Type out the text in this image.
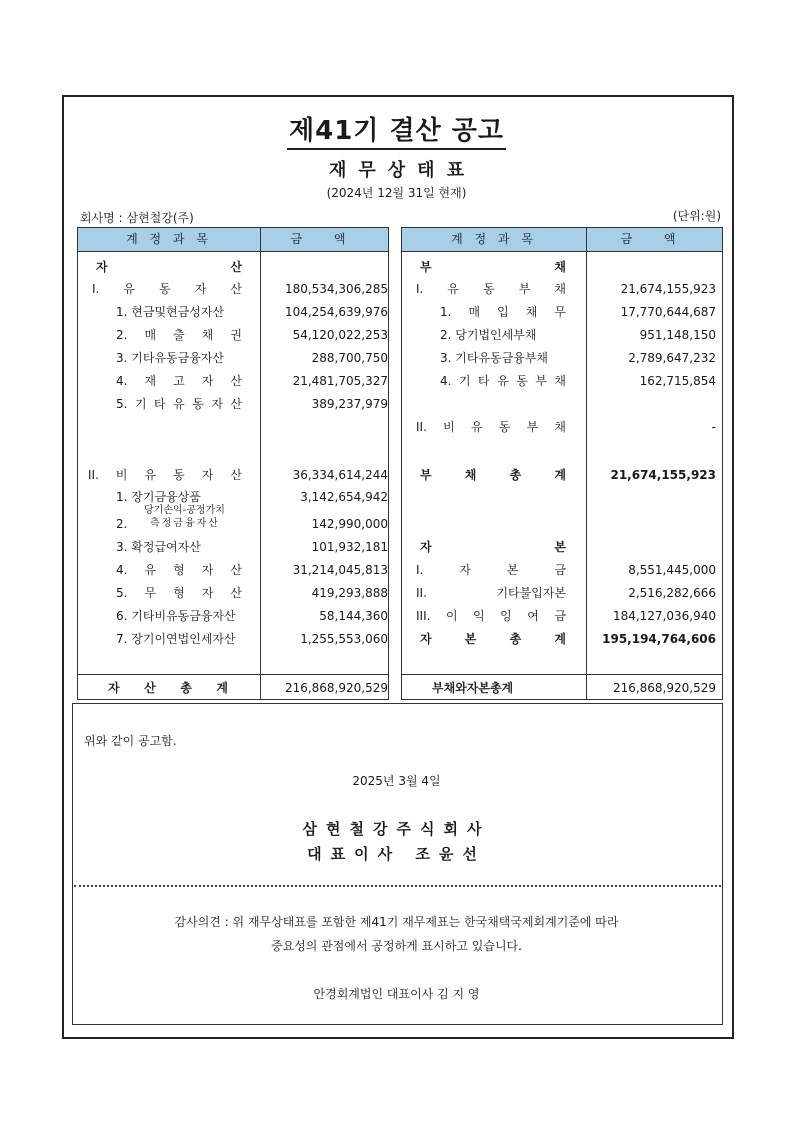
제41기 결산 공고
재무상태표
(2024년 12월 31일 현재)
회사명 : 삼현철강(주)	(단위:원)
계 정 과 목	금 액
자 산
I. 유 동 자 산	180,534,306,285
1. 현금및현금성자산	104,254,639,976
2. 매 출 채 권	54,120,022,253
3. 기타유동금융자산	288,700,750
4. 재 고 자 산	21,481,705,327
5. 기 타 유 동 자 산	389,237,979
II. 비 유 동 자 산	36,334,614,244
1. 장기금융상품	3,142,654,942
2.
당기손익-공정가치
측정금융자산	142,990,000
3. 확정급여자산	101,932,181
4. 유 형 자 산	31,214,045,813
5. 무 형 자 산	419,293,888
6. 기타비유동금융자산	58,144,360
7. 장기이연법인세자산	1,255,553,060
자 산 총 계	216,868,920,529
계 정 과 목	금 액
부 채
I. 유 동 부 채	21,674,155,923
1. 매 입 채 무	17,770,644,687
2. 당기법인세부채	951,148,150
3. 기타유동금융부채	2,789,647,232
4. 기 타 유 동 부 채	162,715,854
II. 비 유 동 부 채	-
부 채 총 계	21,674,155,923
자 본
I. 자 본 금	8,551,445,000
II. 기타불입자본	2,516,282,666
III. 이 익 잉 여 금	184,127,036,940
자 본 총 계	195,194,764,606
부채와자본총계	216,868,920,529
위와 같이 공고함.
2025년 3월 4일
삼현철강주식회사
대표이사 조윤선
감사의견 : 위 재무상태표를 포함한 제41기 재무제표는 한국채택국제회계기준에 따라
중요성의 관점에서 공정하게 표시하고 있습니다.
안경회계법인 대표이사 김 지 영
